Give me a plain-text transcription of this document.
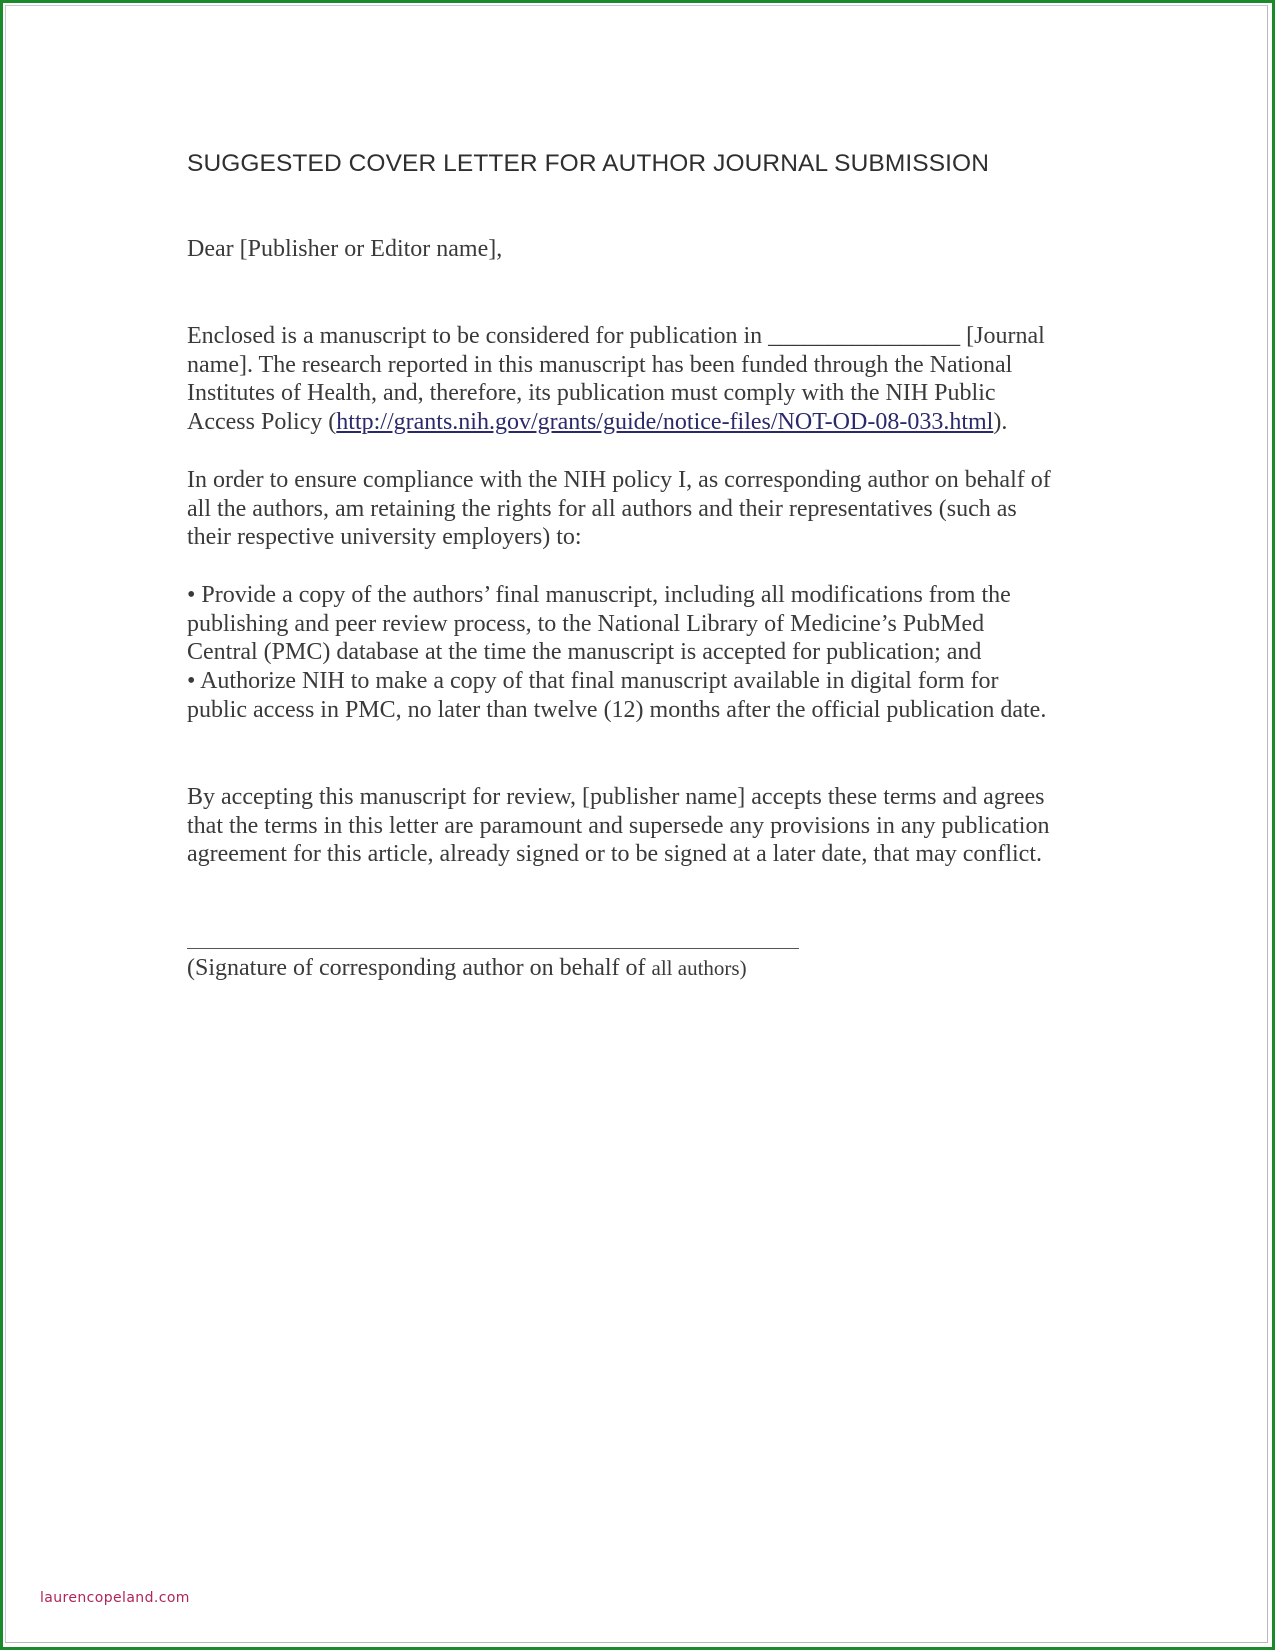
SUGGESTED COVER LETTER FOR AUTHOR JOURNAL SUBMISSION
Dear [Publisher or Editor name],
Enclosed is a manuscript to be considered for publication in ________________ [Journal
name]. The research reported in this manuscript has been funded through the National
Institutes of Health, and, therefore, its publication must comply with the NIH Public
Access Policy (http://grants.nih.gov/grants/guide/notice-files/NOT-OD-08-033.html).
In order to ensure compliance with the NIH policy I, as corresponding author on behalf of
all the authors, am retaining the rights for all authors and their representatives (such as
their respective university employers) to:
• Provide a copy of the authors’ final manuscript, including all modifications from the
publishing and peer review process, to the National Library of Medicine’s PubMed
Central (PMC) database at the time the manuscript is accepted for publication; and
• Authorize NIH to make a copy of that final manuscript available in digital form for
public access in PMC, no later than twelve (12) months after the official publication date.
By accepting this manuscript for review, [publisher name] accepts these terms and agrees
that the terms in this letter are paramount and supersede any provisions in any publication
agreement for this article, already signed or to be signed at a later date, that may conflict.
(Signature of corresponding author on behalf of all authors)
laurencopeland.com
